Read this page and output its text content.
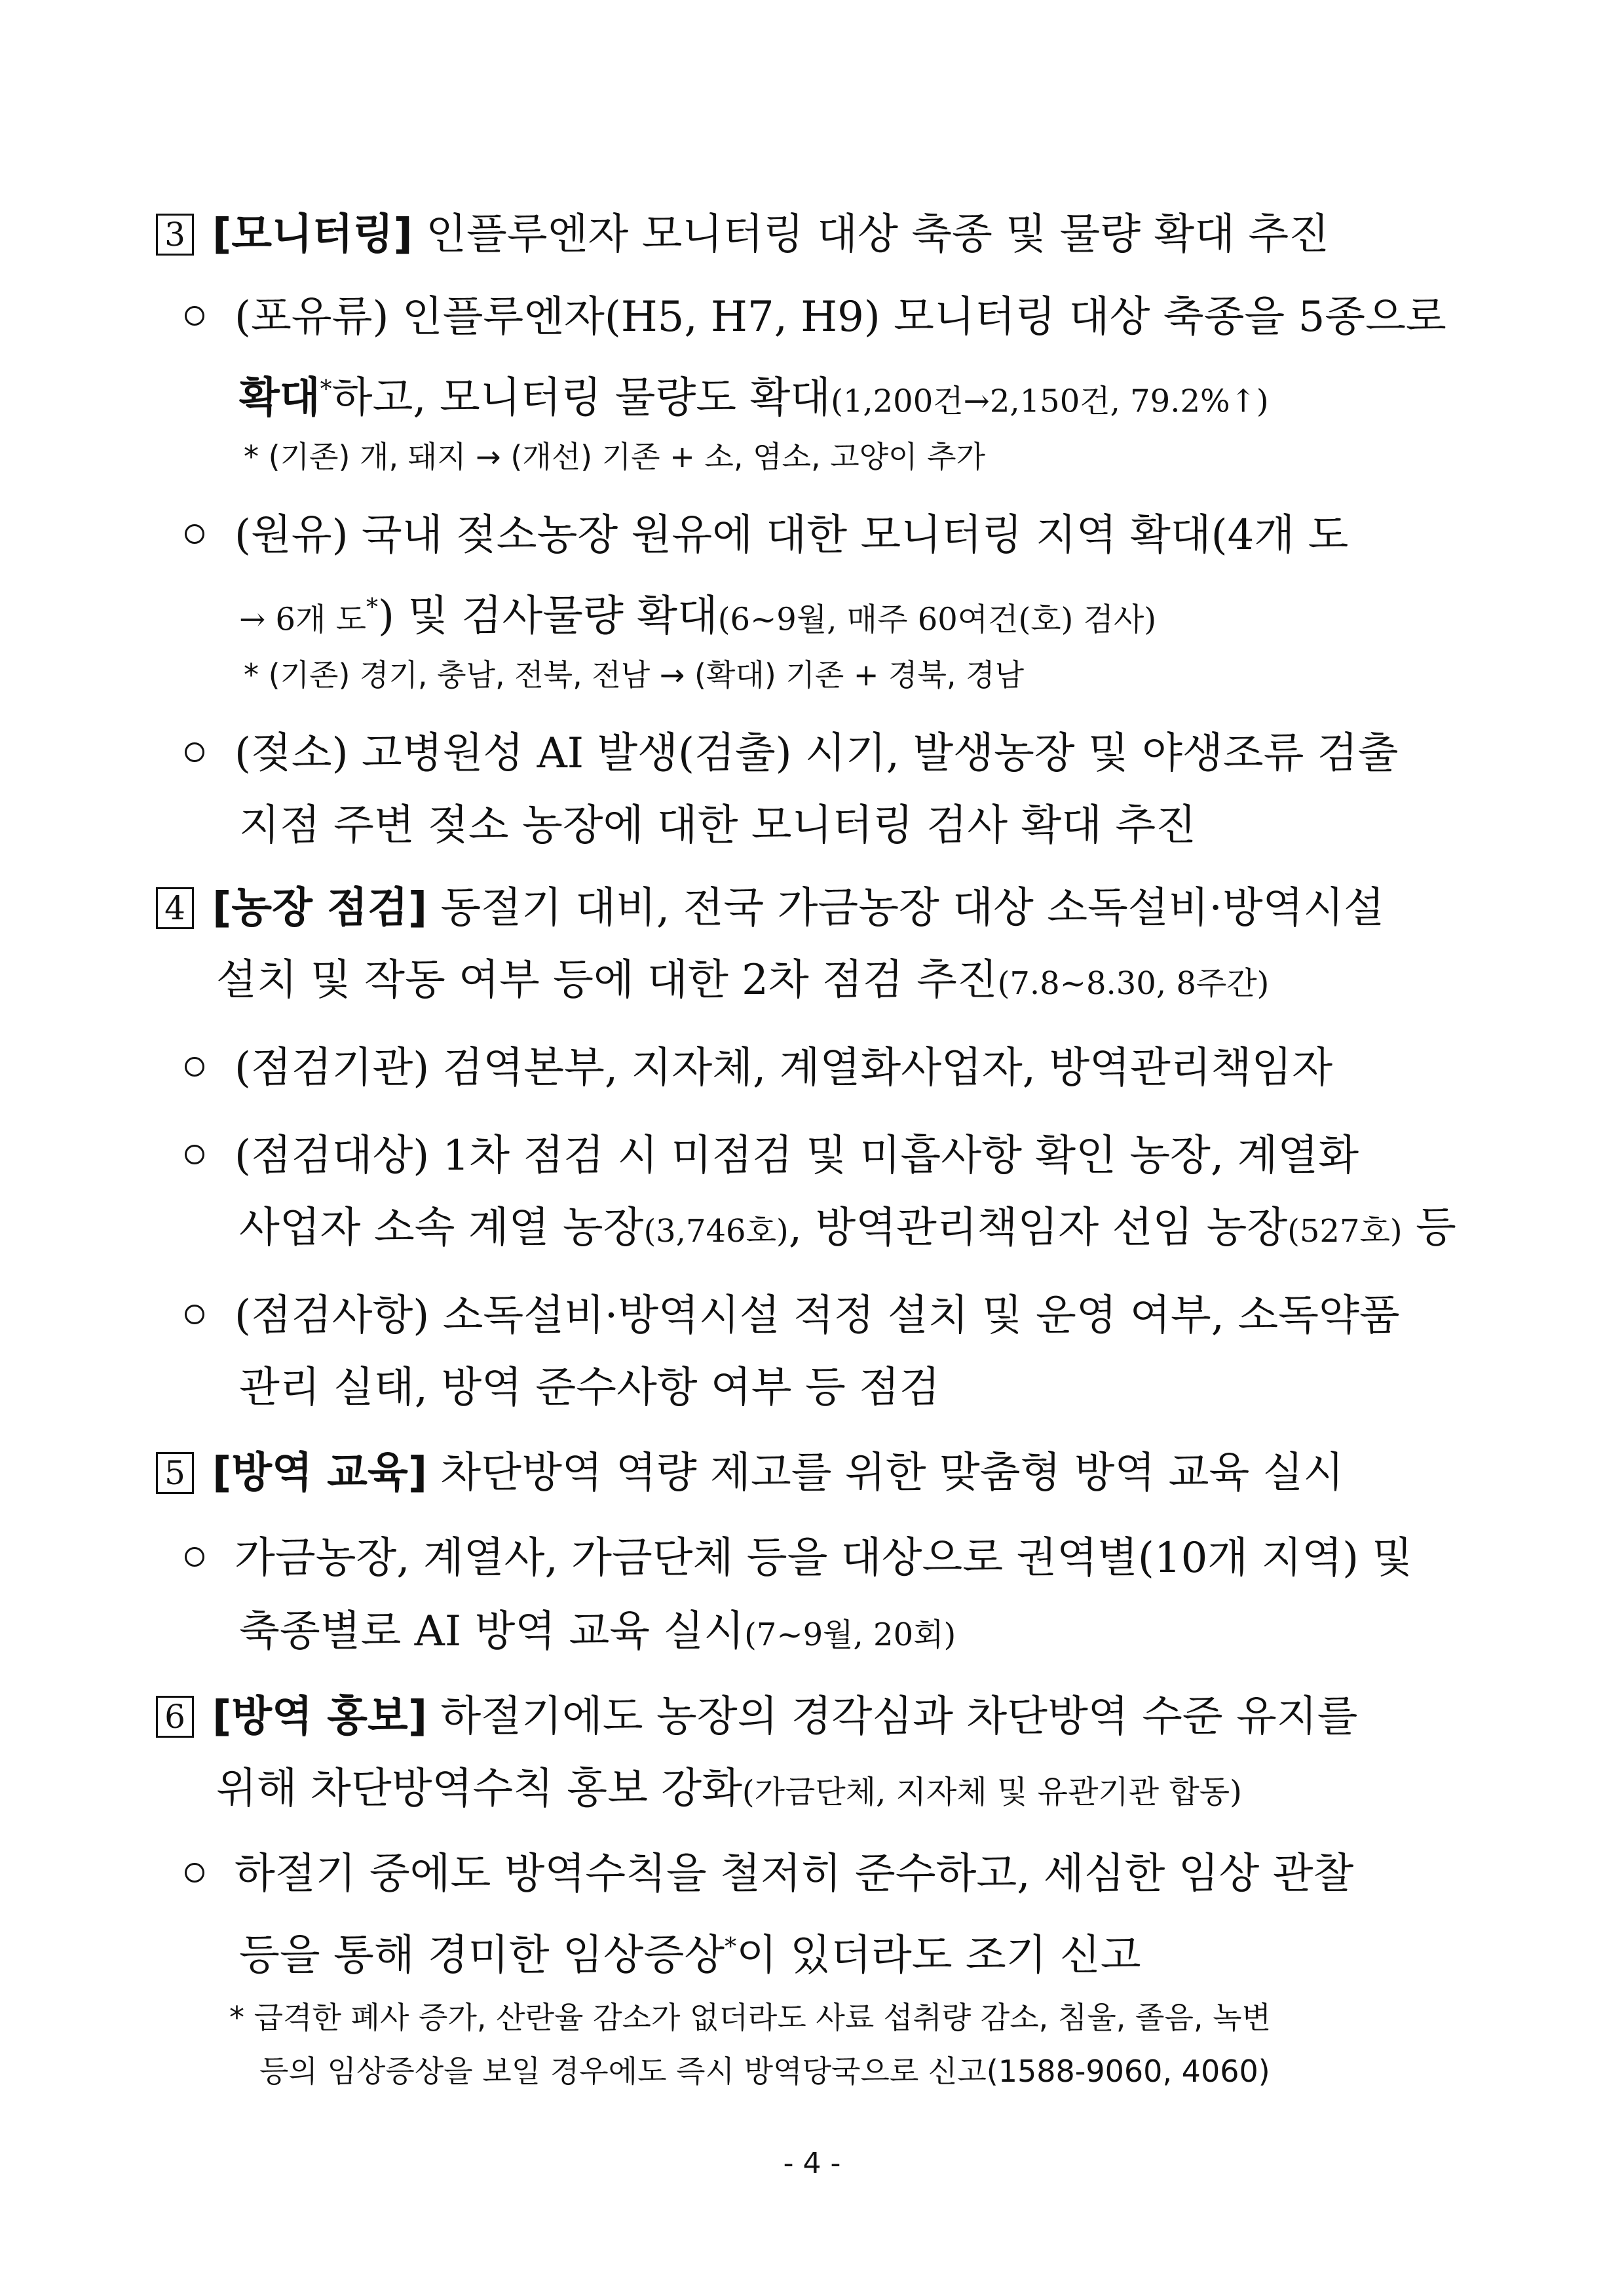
3 [모니터링] 인플루엔자 모니터링 대상 축종 및 물량 확대 추진
(포유류) 인플루엔자(H5, H7, H9) 모니터링 대상 축종을 5종으로
확대*하고, 모니터링 물량도 확대(1,200건→2,150건, 79.2%↑)
* (기존) 개, 돼지 → (개선) 기존 + 소, 염소, 고양이 추가
(원유) 국내 젖소농장 원유에 대한 모니터링 지역 확대(4개 도
→ 6개 도*) 및 검사물량 확대(6~9월, 매주 60여건(호) 검사)
* (기존) 경기, 충남, 전북, 전남 → (확대) 기존 + 경북, 경남
(젖소) 고병원성 AI 발생(검출) 시기, 발생농장 및 야생조류 검출
지점 주변 젖소 농장에 대한 모니터링 검사 확대 추진
4 [농장 점검] 동절기 대비, 전국 가금농장 대상 소독설비·방역시설
설치 및 작동 여부 등에 대한 2차 점검 추진(7.8~8.30, 8주간)
(점검기관) 검역본부, 지자체, 계열화사업자, 방역관리책임자
(점검대상) 1차 점검 시 미점검 및 미흡사항 확인 농장, 계열화
사업자 소속 계열 농장(3,746호), 방역관리책임자 선임 농장(527호) 등
(점검사항) 소독설비·방역시설 적정 설치 및 운영 여부, 소독약품
관리 실태, 방역 준수사항 여부 등 점검
5 [방역 교육] 차단방역 역량 제고를 위한 맞춤형 방역 교육 실시
가금농장, 계열사, 가금단체 등을 대상으로 권역별(10개 지역) 및
축종별로 AI 방역 교육 실시(7~9월, 20회)
6 [방역 홍보] 하절기에도 농장의 경각심과 차단방역 수준 유지를
위해 차단방역수칙 홍보 강화(가금단체, 지자체 및 유관기관 합동)
하절기 중에도 방역수칙을 철저히 준수하고, 세심한 임상 관찰
등을 통해 경미한 임상증상*이 있더라도 조기 신고
* 급격한 폐사 증가, 산란율 감소가 없더라도 사료 섭취량 감소, 침울, 졸음, 녹변
등의 임상증상을 보일 경우에도 즉시 방역당국으로 신고(1588-9060, 4060)
- 4 -
